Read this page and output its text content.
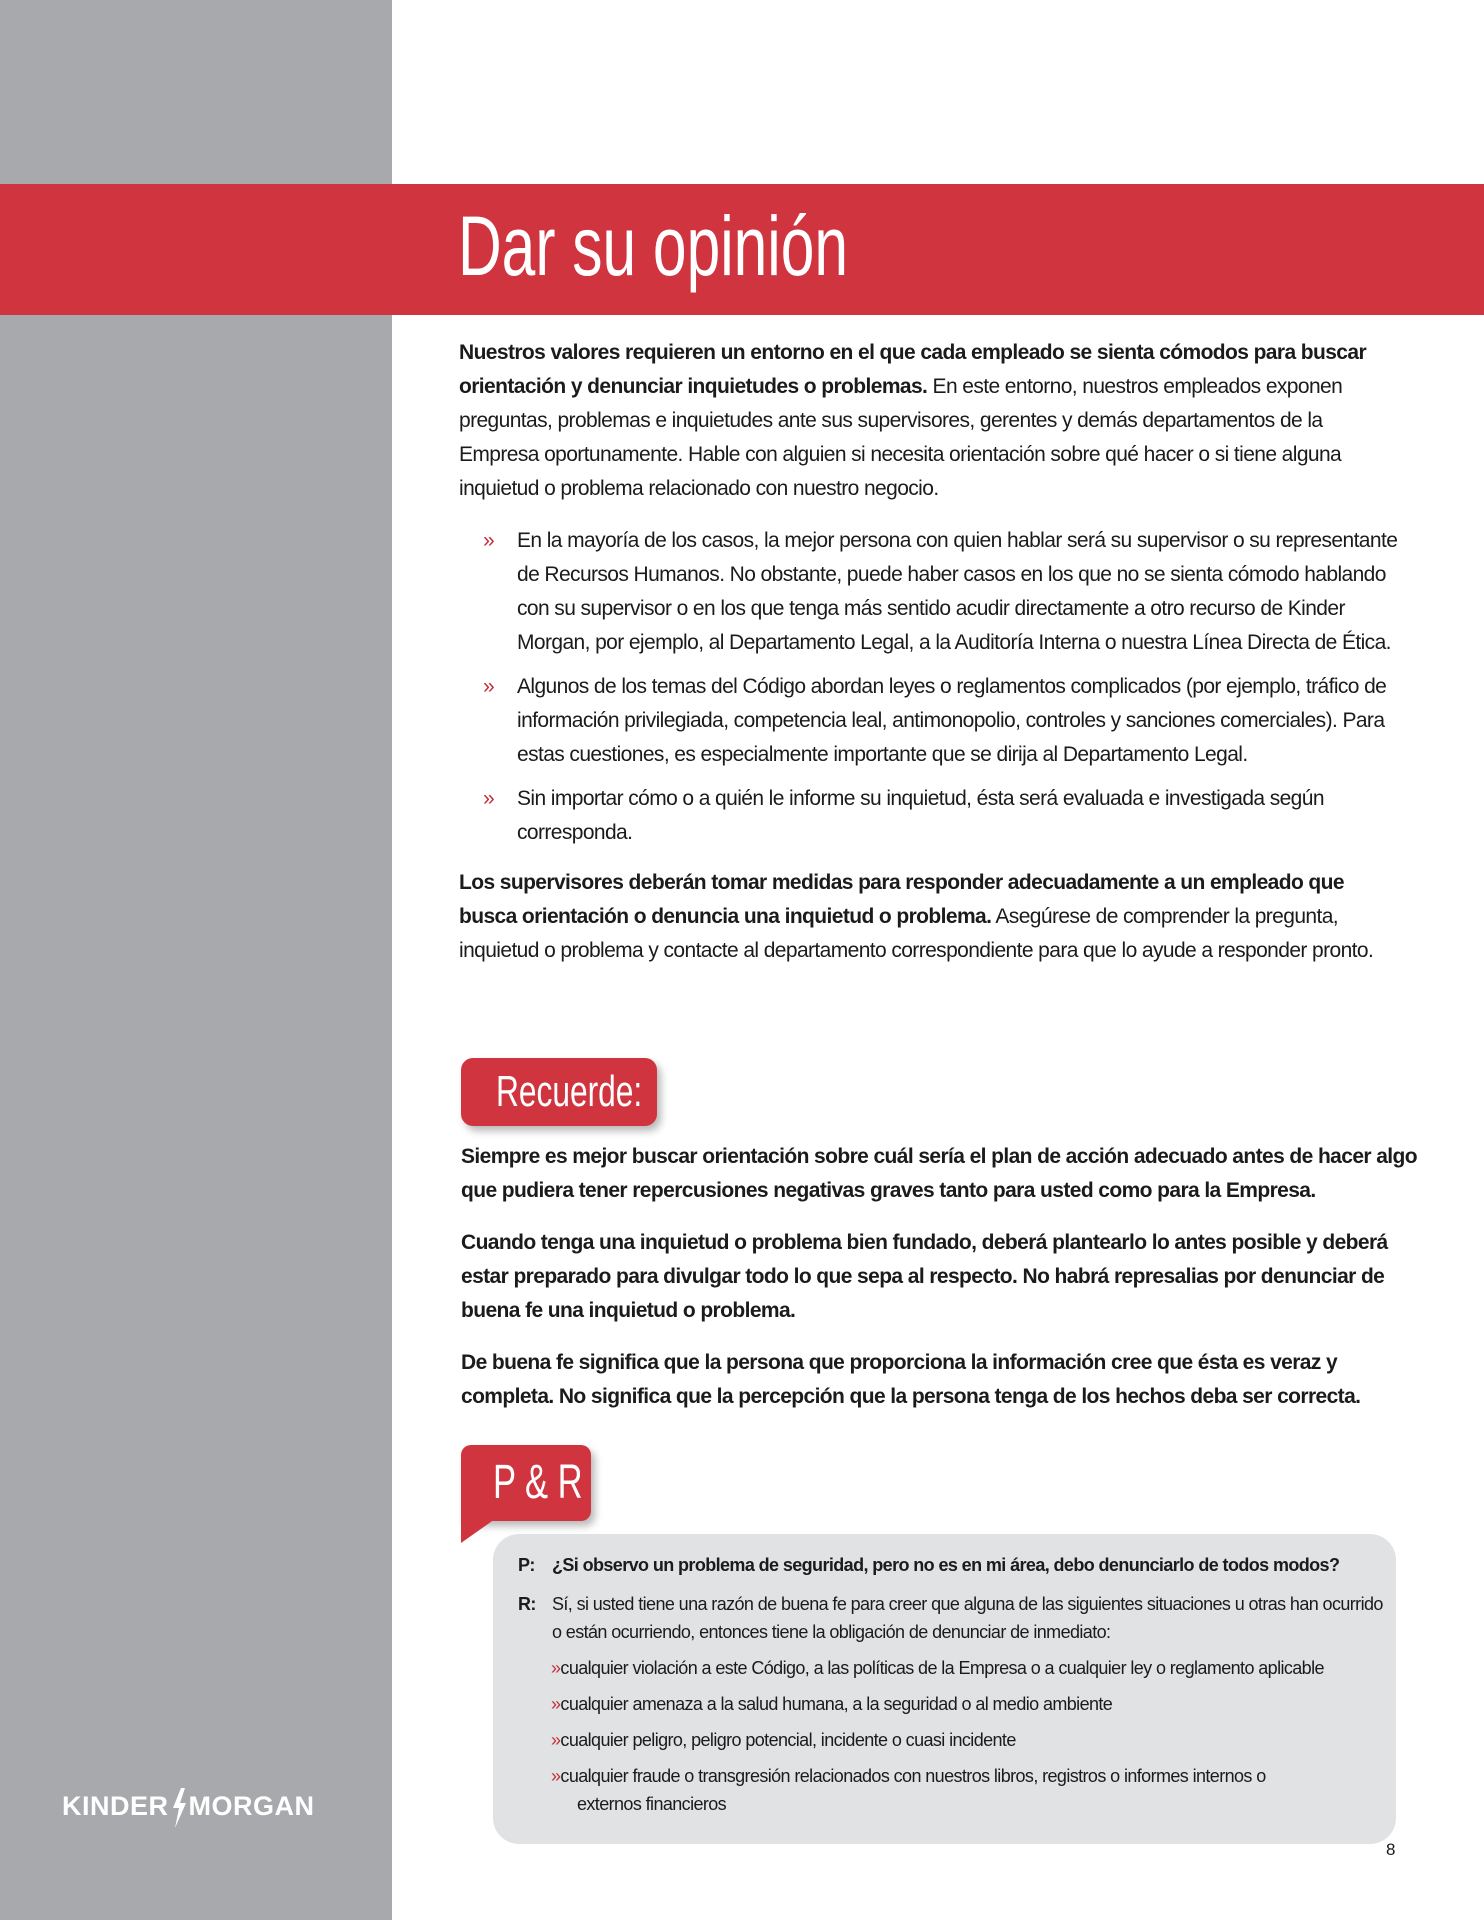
Dar su opinión

Nuestros valores requieren un entorno en el que cada empleado se sienta cómodos para buscar orientación y denunciar inquietudes o problemas. En este entorno, nuestros empleados exponen preguntas, problemas e inquietudes ante sus supervisores, gerentes y demás departamentos de la Empresa oportunamente. Hable con alguien si necesita orientación sobre qué hacer o si tiene alguna inquietud o problema relacionado con nuestro negocio.

» En la mayoría de los casos, la mejor persona con quien hablar será su supervisor o su representante de Recursos Humanos. No obstante, puede haber casos en los que no se sienta cómodo hablando con su supervisor o en los que tenga más sentido acudir directamente a otro recurso de Kinder Morgan, por ejemplo, al Departamento Legal, a la Auditoría Interna o nuestra Línea Directa de Ética.
» Algunos de los temas del Código abordan leyes o reglamentos complicados (por ejemplo, tráfico de información privilegiada, competencia leal, antimonopolio, controles y sanciones comerciales). Para estas cuestiones, es especialmente importante que se dirija al Departamento Legal.
» Sin importar cómo o a quién le informe su inquietud, ésta será evaluada e investigada según corresponda.

Los supervisores deberán tomar medidas para responder adecuadamente a un empleado que busca orientación o denuncia una inquietud o problema. Asegúrese de comprender la pregunta, inquietud o problema y contacte al departamento correspondiente para que lo ayude a responder pronto.

Recuerde:

Siempre es mejor buscar orientación sobre cuál sería el plan de acción adecuado antes de hacer algo que pudiera tener repercusiones negativas graves tanto para usted como para la Empresa.

Cuando tenga una inquietud o problema bien fundado, deberá plantearlo lo antes posible y deberá estar preparado para divulgar todo lo que sepa al respecto. No habrá represalias por denunciar de buena fe una inquietud o problema.

De buena fe significa que la persona que proporciona la información cree que ésta es veraz y completa. No significa que la percepción que la persona tenga de los hechos deba ser correcta.

P & R
P: ¿Si observo un problema de seguridad, pero no es en mi área, debo denunciarlo de todos modos?
R: Sí, si usted tiene una razón de buena fe para creer que alguna de las siguientes situaciones u otras han ocurrido o están ocurriendo, entonces tiene la obligación de denunciar de inmediato:
»cualquier violación a este Código, a las políticas de la Empresa o a cualquier ley o reglamento aplicable
»cualquier amenaza a la salud humana, a la seguridad o al medio ambiente
»cualquier peligro, peligro potencial, incidente o cuasi incidente
»cualquier fraude o transgresión relacionados con nuestros libros, registros o informes internos o
externos financieros
KINDER MORGAN
8
